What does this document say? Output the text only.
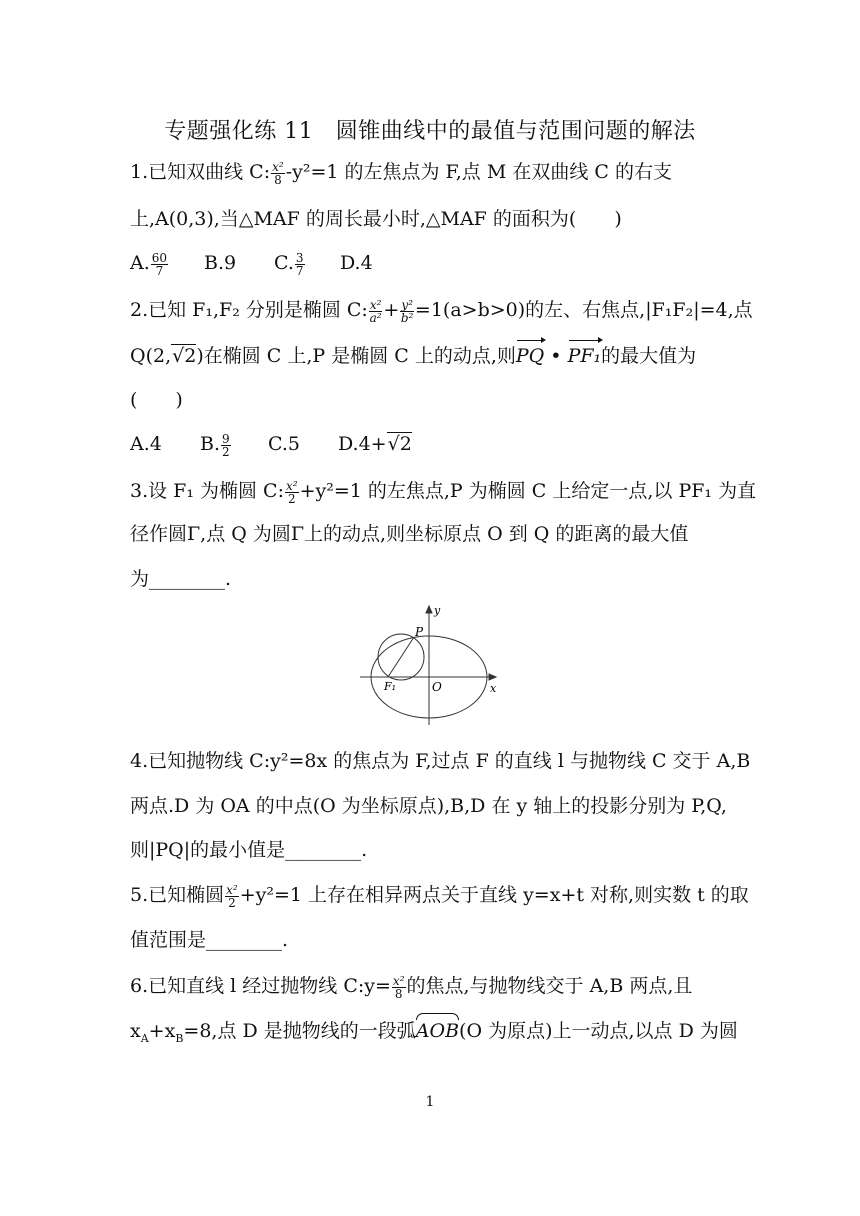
专题强化练 11　圆锥曲线中的最值与范围问题的解法
1.已知双曲线 C: $\frac{\text{x²}}{8} -y^2=1$ 的左焦点为 F,点 M 在双曲线 C 的右支
上,A(0,3),当△MAF 的周长最小时,△MAF 的面积为(　　)
A. $\frac{60}{7} B.9$ C. $\frac{3}{7} D.4$
2.已知 F₁,F₂ 分别是椭圆 C: $\frac{\text{x²}}{\text{a²}} + \frac{\text{y²}}{\text{b²}} =1(a>b>0)$的左、右焦点,|F₁F₂|=4,点
Q(2,√2)在椭圆 C 上,P 是椭圆 C 上的动点,则PQ • PF₁的最大值为
(　　)
A.4 B. $\frac{9}{2} C.5$ D.4+√2
3.设 F₁ 为椭圆 C: $\frac{\text{x²}}{2} +y^2=1$ 的左焦点,P 为椭圆 C 上给定一点,以 PF₁ 为直
径作圆Γ,点 Q 为圆Γ上的动点,则坐标原点 O 到 Q 的距离的最大值
为________.
y
x
P
O
F₁
4.已知抛物线 C:y²=8x 的焦点为 F,过点 F 的直线 l 与抛物线 C 交于 A,B
两点.D 为 OA 的中点(O 为坐标原点),B,D 在 y 轴上的投影分别为 P,Q,
则|PQ|的最小值是________.
5.已知椭圆 $\frac{\text{x²}}{2} +y^2=1$ 上存在相异两点关于直线 y=x+t 对称,则实数 t 的取
值范围是________.
6.已知直线 l 经过抛物线 C:y= $\frac{\text{x²}}{8}$ 的焦点,与抛物线交于 A,B 两点,且
$x_A+x_B=8$,点 D 是抛物线的一段弧AOB(O 为原点)上一动点,以点 D 为圆
1
